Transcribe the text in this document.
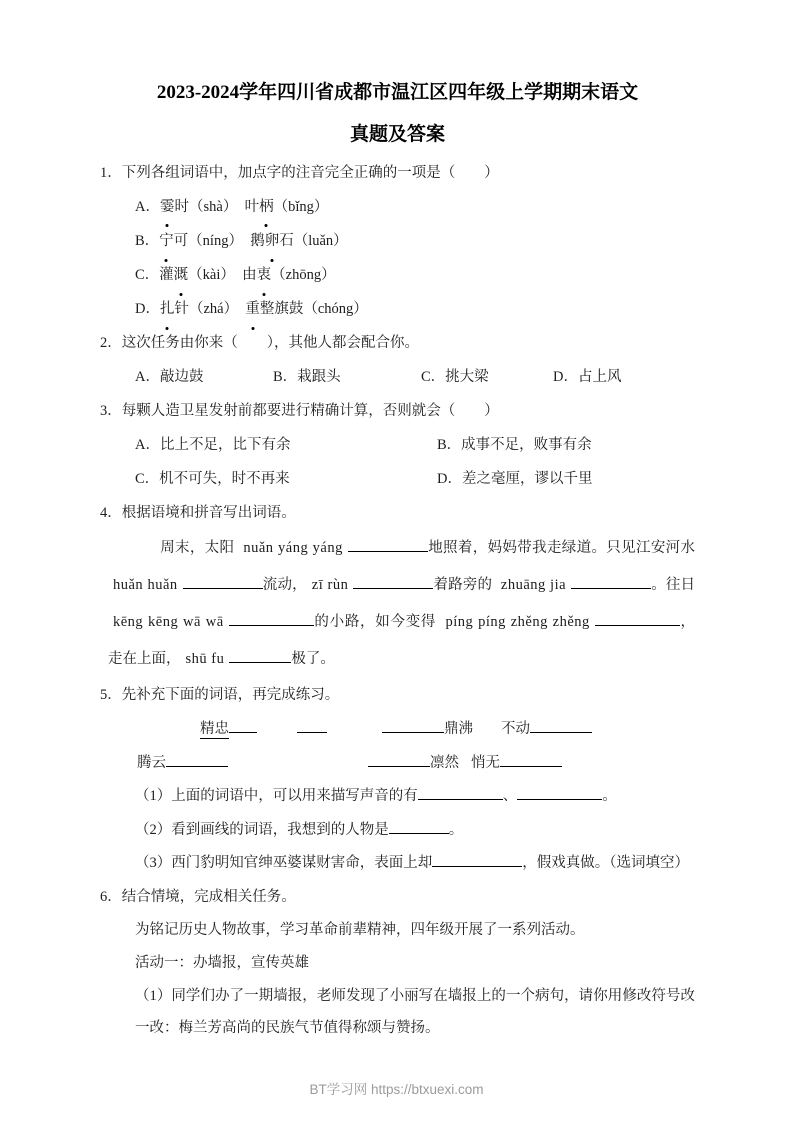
2023-2024学年四川省成都市温江区四年级上学期期末语文
真题及答案
1．下列各组词语中，加点字的注音完全正确的一项是（　　）
A．霎时（shà）　叶柄（bǐng）
B．宁可（níng）　鹅卵石（luǎn）
C．灌溉（kài）　由衷（zhōng）
D．扎针（zhá）　重整旗鼓（chóng）
2．这次任务由你来（　　），其他人都会配合你。
A．敲边鼓	B．栽跟头	C．挑大梁	D．占上风
3．每颗人造卫星发射前都要进行精确计算，否则就会（　　）
A．比上不足，比下有余	B．成事不足，败事有余
C．机不可失，时不再来	D．差之毫厘，谬以千里
4．根据语境和拼音写出词语。
周末，太阳 nuǎn yáng yáng	地照着，妈妈带我走绿道。只见江安河水 huǎn huǎn	流动， zī rùn	着路旁的 zhuāng jia	。往日 kēng kēng wā wā	的小路，如今变得 píng píng zhěng zhěng	，走在上面， shū fu	极了。
5．先补充下面的词语，再完成练习。
精忠	鼎沸 不动
腾云	凛然 悄无
（1）上面的词语中，可以用来描写声音的有	、	。
（2）看到画线的词语，我想到的人物是	。
（3）西门豹明知官绅巫婆谋财害命，表面上却	，假戏真做。（选词填空）
6．结合情境，完成相关任务。
为铭记历史人物故事，学习革命前辈精神，四年级开展了一系列活动。
活动一：办墙报，宣传英雄
（1）同学们办了一期墙报，老师发现了小丽写在墙报上的一个病句，请你用修改符号改一改：梅兰芳高尚的民族气节值得称颂与赞扬。
BT学习网 https://btxuexi.com
